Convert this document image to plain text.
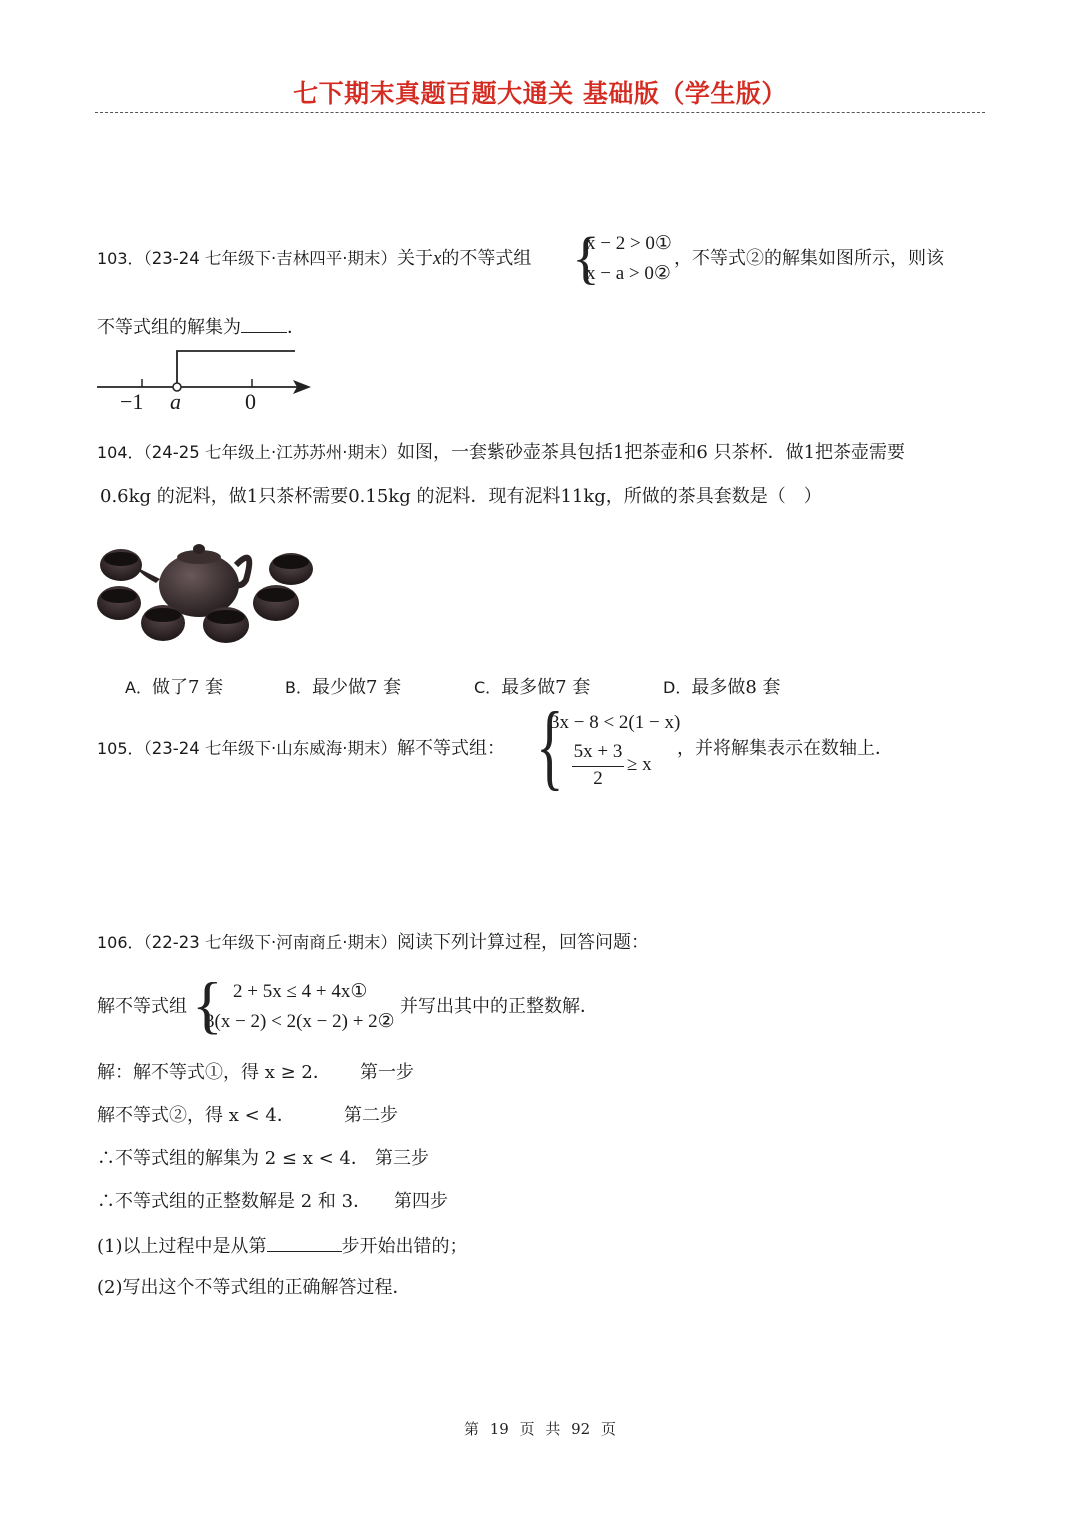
七下期末真题百题大通关 基础版（学生版）
103．（23-24 七年级下·吉林四平·期末）关于x的不等式组 {
x − 2 > 0①
x − a > 0②
，不等式②的解集如图所示，则该
不等式组的解集为	．
−1 a	0
104．（24-25 七年级上·江苏苏州·期末）如图，一套紫砂壶茶具包括1把茶壶和6 只茶杯．做1把茶壶需要
0.6kg 的泥料，做1只茶杯需要0.15kg 的泥料．现有泥料11kg，所做的茶具套数是（　）
A．做了7 套	B．最少做7 套	C．最多做7 套	D．最多做8 套
105．（23-24 七年级下·山东威海·期末）解不等式组： {
3x − 8 < 2(1 − x)
5x + 3
2
≥ x
，并将解集表示在数轴上．
106．（22-23 七年级下·河南商丘·期末）阅读下列计算过程，回答问题：
解不等式组 { 2 + 5x ≤ 4 + 4x①
3(x − 2) < 2(x − 2) + 2②
并写出其中的正整数解．
解：解不等式①，得 x ≥ 2． 第一步
解不等式②，得 x < 4．	第二步
∴不等式组的解集为 2 ≤ x < 4． 第三步
∴不等式组的正整数解是 2 和 3． 第四步
(1)以上过程中是从第	步开始出错的；
(2)写出这个不等式组的正确解答过程．
第 19 页 共 92 页
